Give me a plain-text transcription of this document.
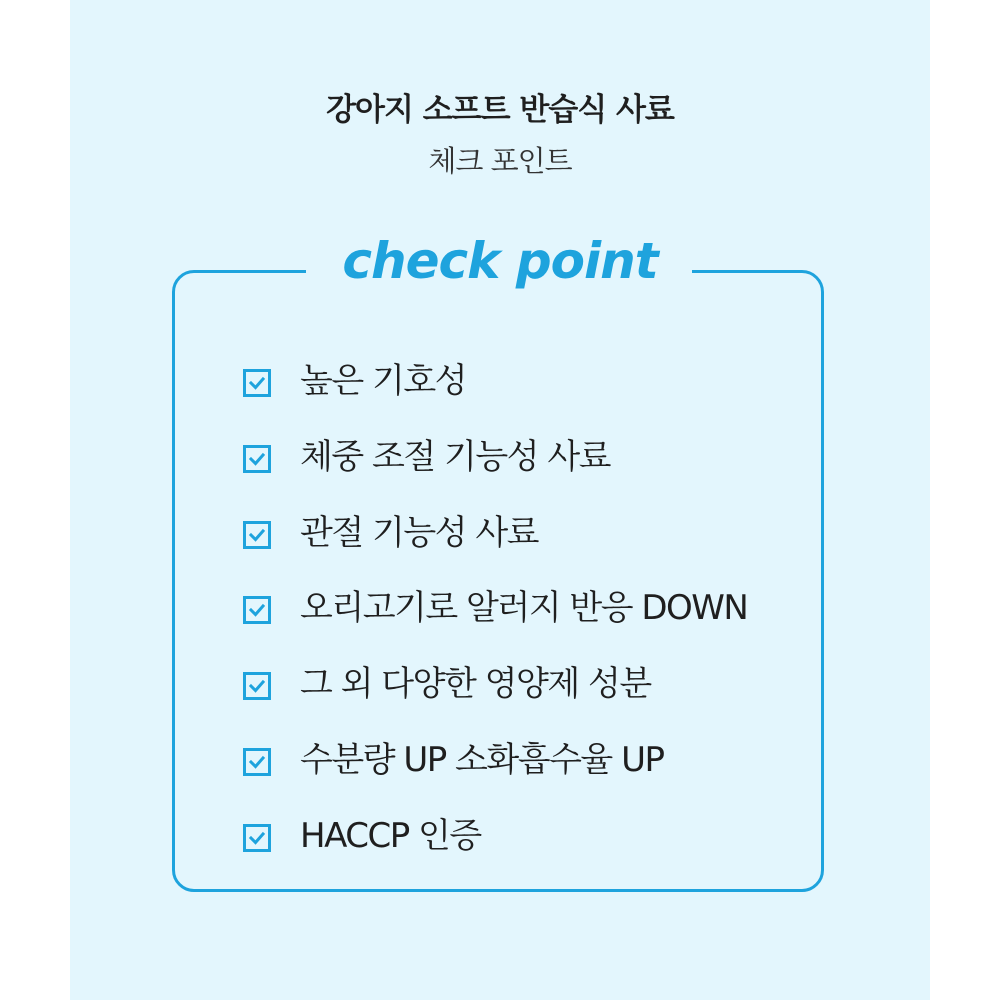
강아지 소프트 반습식 사료
체크 포인트
check point
높은 기호성
체중 조절 기능성 사료
관절 기능성 사료
오리고기로 알러지 반응 DOWN
그 외 다양한 영양제 성분
수분량 UP 소화흡수율 UP
HACCP 인증
